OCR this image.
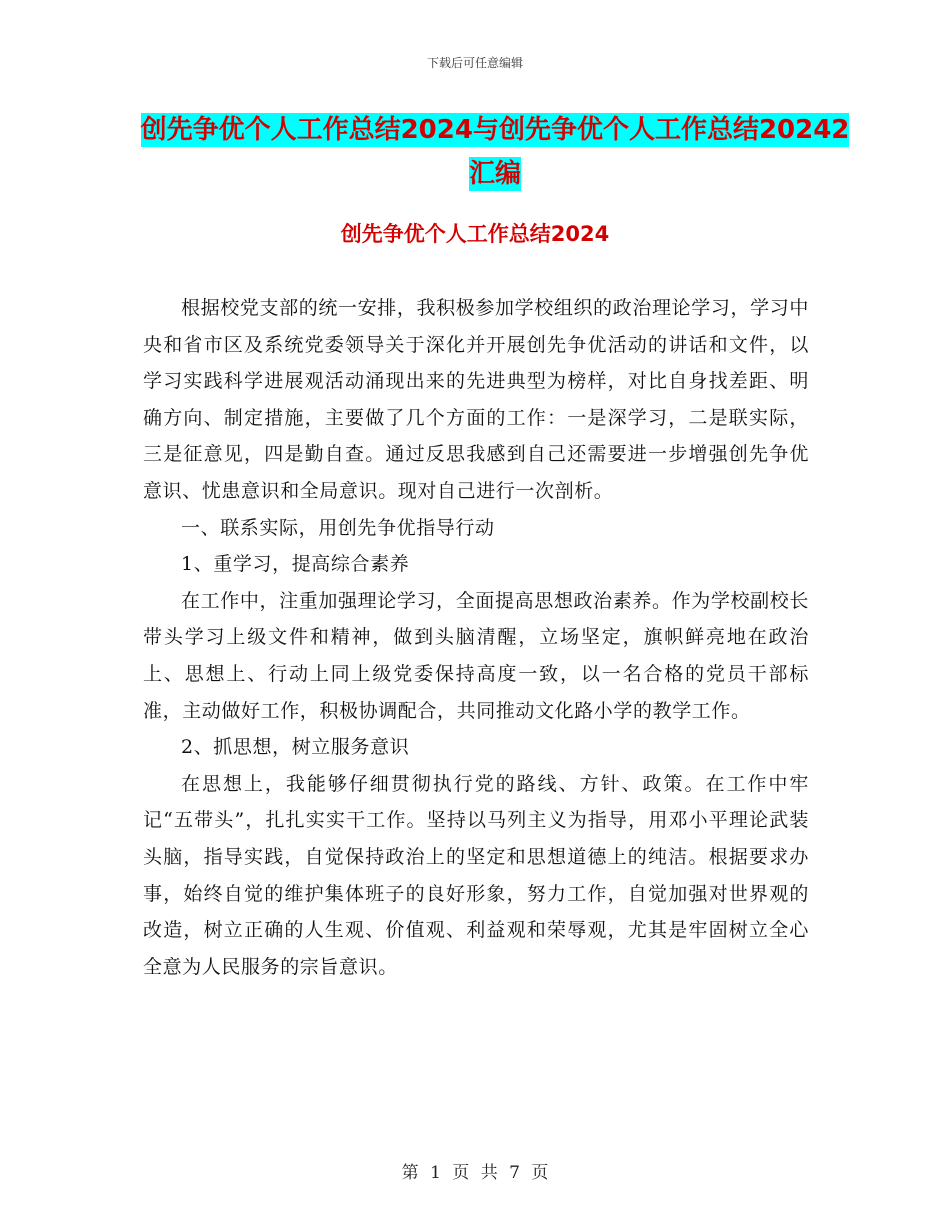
下载后可任意编辑
创先争优个人工作总结2024与创先争优个人工作总结20242汇编
创先争优个人工作总结2024

根据校党支部的统一安排，我积极参加学校组织的政治理论学习，学习中央和省市区及系统党委领导关于深化并开展创先争优活动的讲话和文件，以学习实践科学进展观活动涌现出来的先进典型为榜样，对比自身找差距、明确方向、制定措施，主要做了几个方面的工作：一是深学习，二是联实际，三是征意见，四是勤自查。通过反思我感到自己还需要进一步增强创先争优意识、忧患意识和全局意识。现对自己进行一次剖析。

一、联系实际，用创先争优指导行动

1、重学习，提高综合素养

在工作中，注重加强理论学习，全面提高思想政治素养。作为学校副校长带头学习上级文件和精神，做到头脑清醒，立场坚定，旗帜鲜亮地在政治上、思想上、行动上同上级党委保持高度一致，以一名合格的党员干部标准，主动做好工作，积极协调配合，共同推动文化路小学的教学工作。

2、抓思想，树立服务意识

在思想上，我能够仔细贯彻执行党的路线、方针、政策。在工作中牢记“五带头”，扎扎实实干工作。坚持以马列主义为指导，用邓小平理论武装头脑，指导实践，自觉保持政治上的坚定和思想道德上的纯洁。根据要求办事，始终自觉的维护集体班子的良好形象，努力工作，自觉加强对世界观的改造，树立正确的人生观、价值观、利益观和荣辱观，尤其是牢固树立全心全意为人民服务的宗旨意识。

第 1 页 共 7 页
